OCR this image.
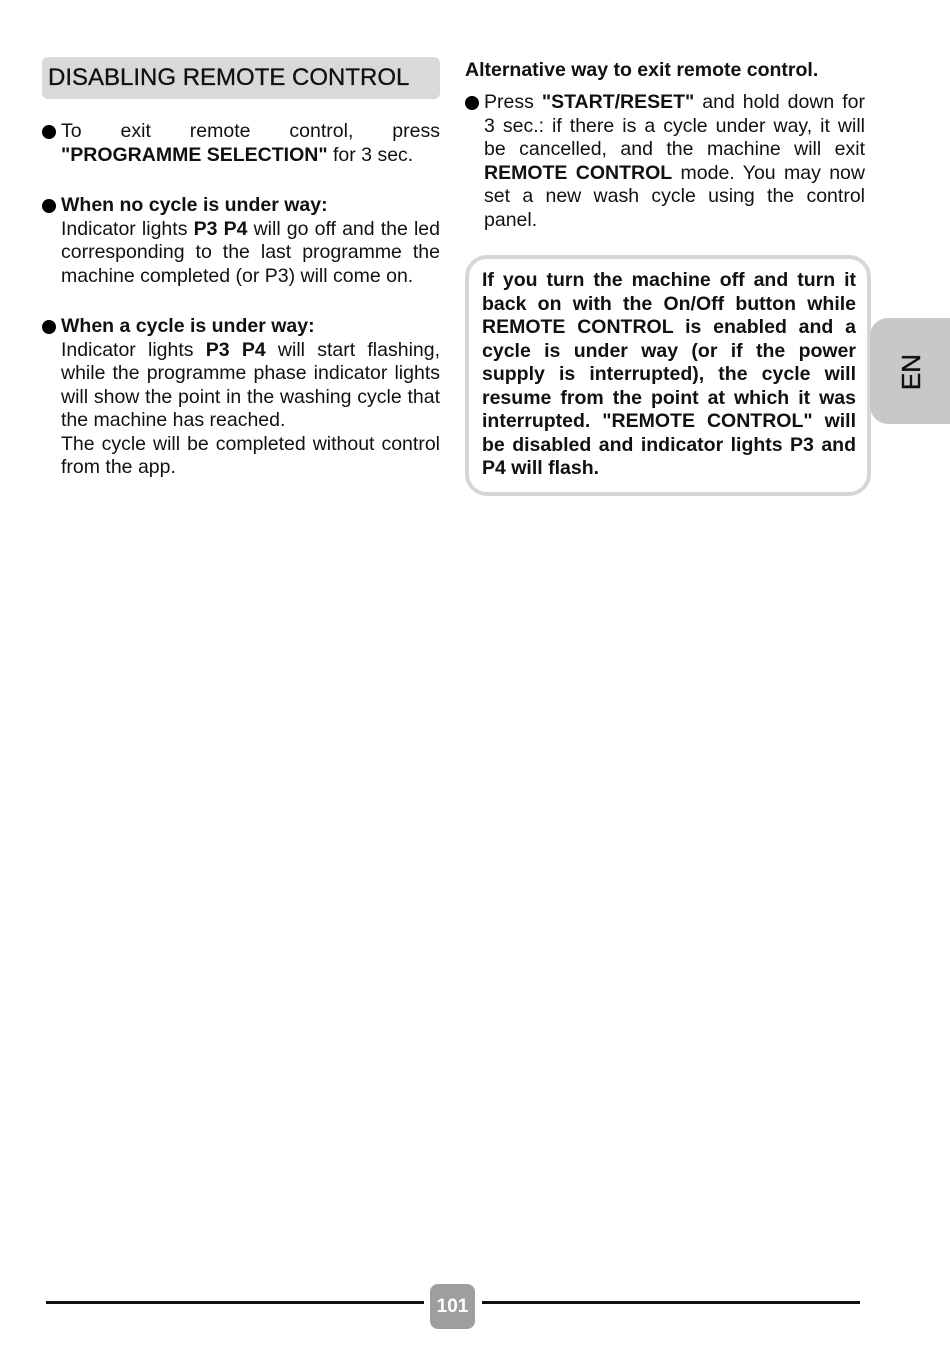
DISABLING REMOTE CONTROL

To exit remote control, press "PROGRAMME SELECTION" for 3 sec.

When no cycle is under way:

Indicator lights P3 P4 will go off and the led corresponding to the last programme the machine completed (or P3) will come on.

When a cycle is under way:

Indicator lights P3 P4 will start flashing, while the programme phase indicator lights will show the point in the washing cycle that the machine has reached.

The cycle will be completed without control from the app.

Alternative way to exit remote control.

Press "START/RESET" and hold down for 3 sec.: if there is a cycle under way, it will be cancelled, and the machine will exit REMOTE CONTROL mode. You may now set a new wash cycle using the control panel.

If you turn the machine off and turn it back on with the On/Off button while REMOTE CONTROL is enabled and a cycle is under way (or if the power supply is interrupted), the cycle will resume from the point at which it was interrupted. "REMOTE CONTROL" will be disabled and indicator lights P3 and P4 will flash.

EN
101
